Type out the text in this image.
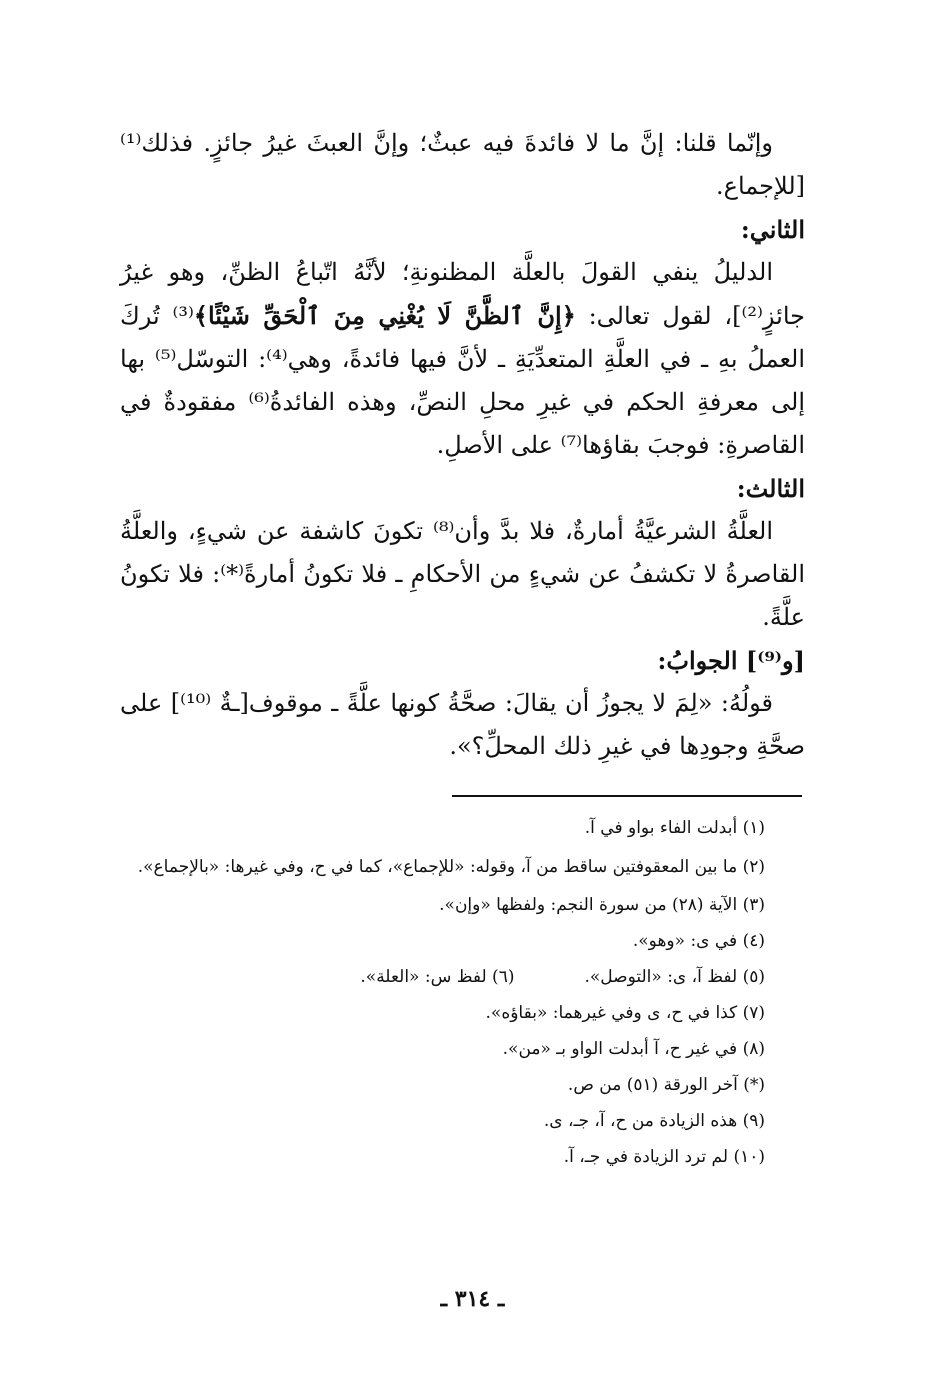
وإنّما قلنا: إنَّ ما لا فائدةَ فيه عبثٌ؛ وإنَّ العبثَ غيرُ جائزٍ. فذلك⁽¹⁾ [للإجماع.

الثاني:

الدليلُ ينفي القولَ بالعلَّة المظنونةِ؛ لأنَّهُ اتّباعُ الظنِّ، وهو غيرُ جائزٍ⁽²⁾]، لقول تعالى: ﴿إِنَّ ٱلظَّنَّ لَا يُغْنِي مِنَ ٱلْحَقِّ شَيْئًا﴾⁽³⁾ تُركَ العملُ بهِ ـ في العلَّةِ المتعدِّيَةِ ـ لأنَّ فيها فائدةً، وهي⁽⁴⁾: التوسّل⁽⁵⁾ بها إلى معرفةِ الحكم في غيرِ محلِ النصِّ، وهذه الفائدةُ⁽⁶⁾ مفقودةٌ في القاصرةِ: فوجبَ بقاؤها⁽⁷⁾ على الأصلِ.

الثالث:

العلَّةُ الشرعيَّةُ أمارةٌ، فلا بدَّ وأن⁽⁸⁾ تكونَ كاشفة عن شيءٍ، والعلَّةُ القاصرةُ لا تكشفُ عن شيءٍ من الأحكامِ ـ فلا تكونُ أمارةً⁽*⁾: فلا تكونُ علَّةً.

[و⁽⁹⁾] الجوابُ:

قولُهُ: «لِمَ لا يجوزُ أن يقالَ: صحَّةُ كونها علَّةً ـ موقوف[ـةٌ ⁽¹⁰⁾] على صحَّةِ وجودِها في غيرِ ذلك المحلِّ؟».

(١) أبدلت الفاء بواو في آ.

(٢) ما بين المعقوفتين ساقط من آ، وقوله: «للإجماع»، كما في ح، وفي غيرها: «بالإجماع».

(٣) الآية (٢٨) من سورة النجم: ولفظها «وإن».

(٤) في ى: «وهو».

(٥) لفظ آ، ى: «التوصل».
(٦) لفظ س: «العلة».

(٧) كذا في ح، ى وفي غيرهما: «بقاؤه».

(٨) في غير ح، آ أبدلت الواو بـ «من».

(*) آخر الورقة (٥١) من ص.

(٩) هذه الزيادة من ح، آ، جـ، ى.

(١٠) لم ترد الزيادة في جـ، آ.

ـ ٣١٤ ـ
